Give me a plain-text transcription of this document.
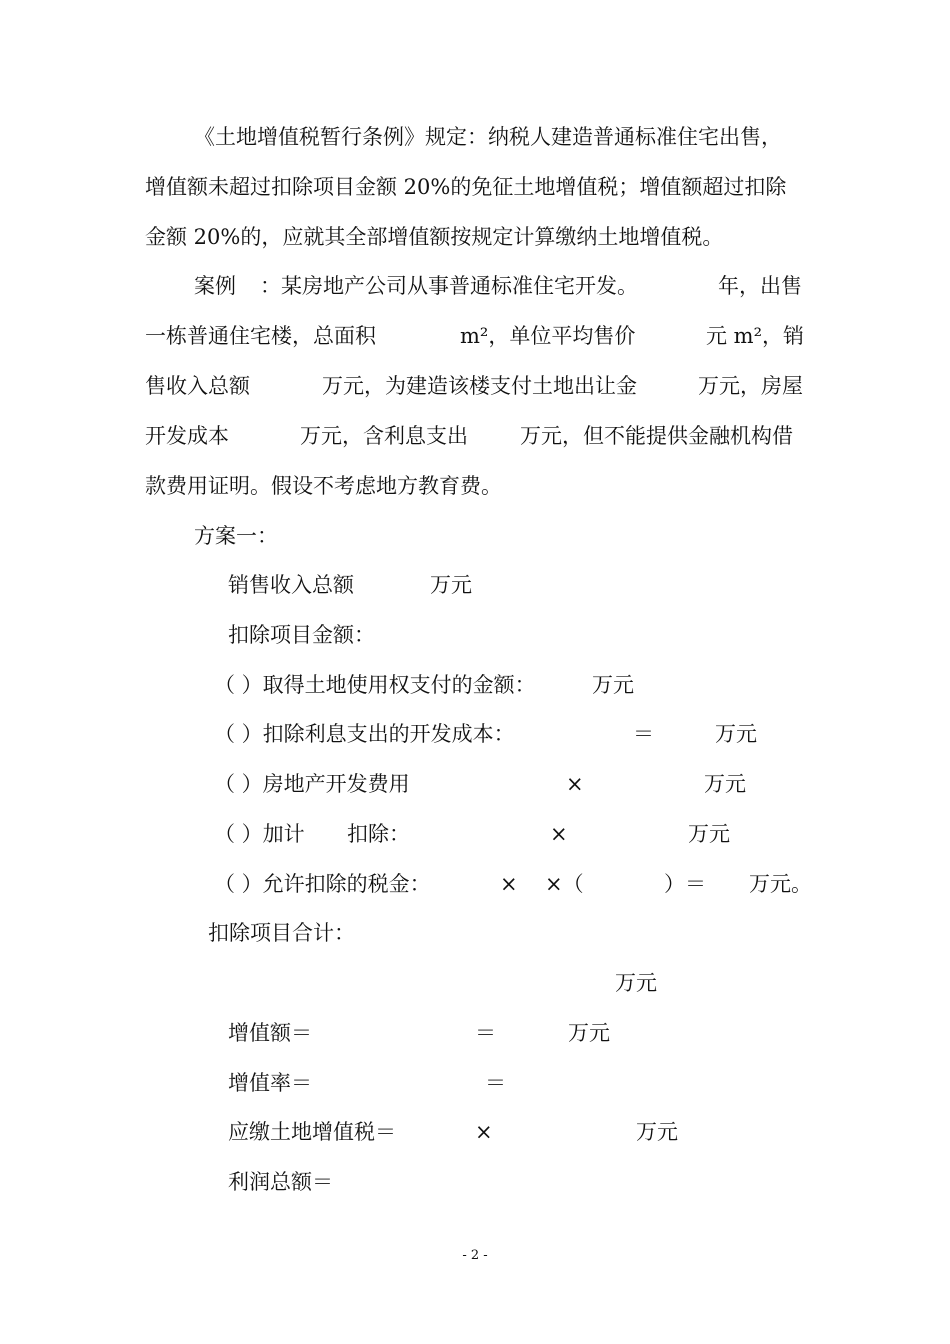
《土地增值税暂行条例》规定：纳税人建造普通标准住宅出售，
增值额未超过扣除项目金额 20%的免征土地增值税；增值额超过扣除
金额 20%的，应就其全部增值额按规定计算缴纳土地增值税。
案例 ：某房地产公司从事普通标准住宅开发。	年，出售
一栋普通住宅楼，总面积	m²，单位平均售价	元 m²，销
售收入总额	万元，为建造该楼支付土地出让金	万元，房屋
开发成本	万元，含利息支出 万元，但不能提供金融机构借
款费用证明。假设不考虑地方教育费。
方案一：
销售收入总额	万元
扣除项目金额：
（ ）取得土地使用权支付的金额：	万元
（ ）扣除利息支出的开发成本：	＝	万元
（ ）房地产开发费用	×	万元
（ ）加计 扣除：	×	万元
（ ）允许扣除的税金：	× ×（	）＝ 万元。
扣除项目合计：
万元
增值额＝	＝	万元
增值率＝	＝
应缴土地增值税＝	×	万元
利润总额＝
- 2 -
